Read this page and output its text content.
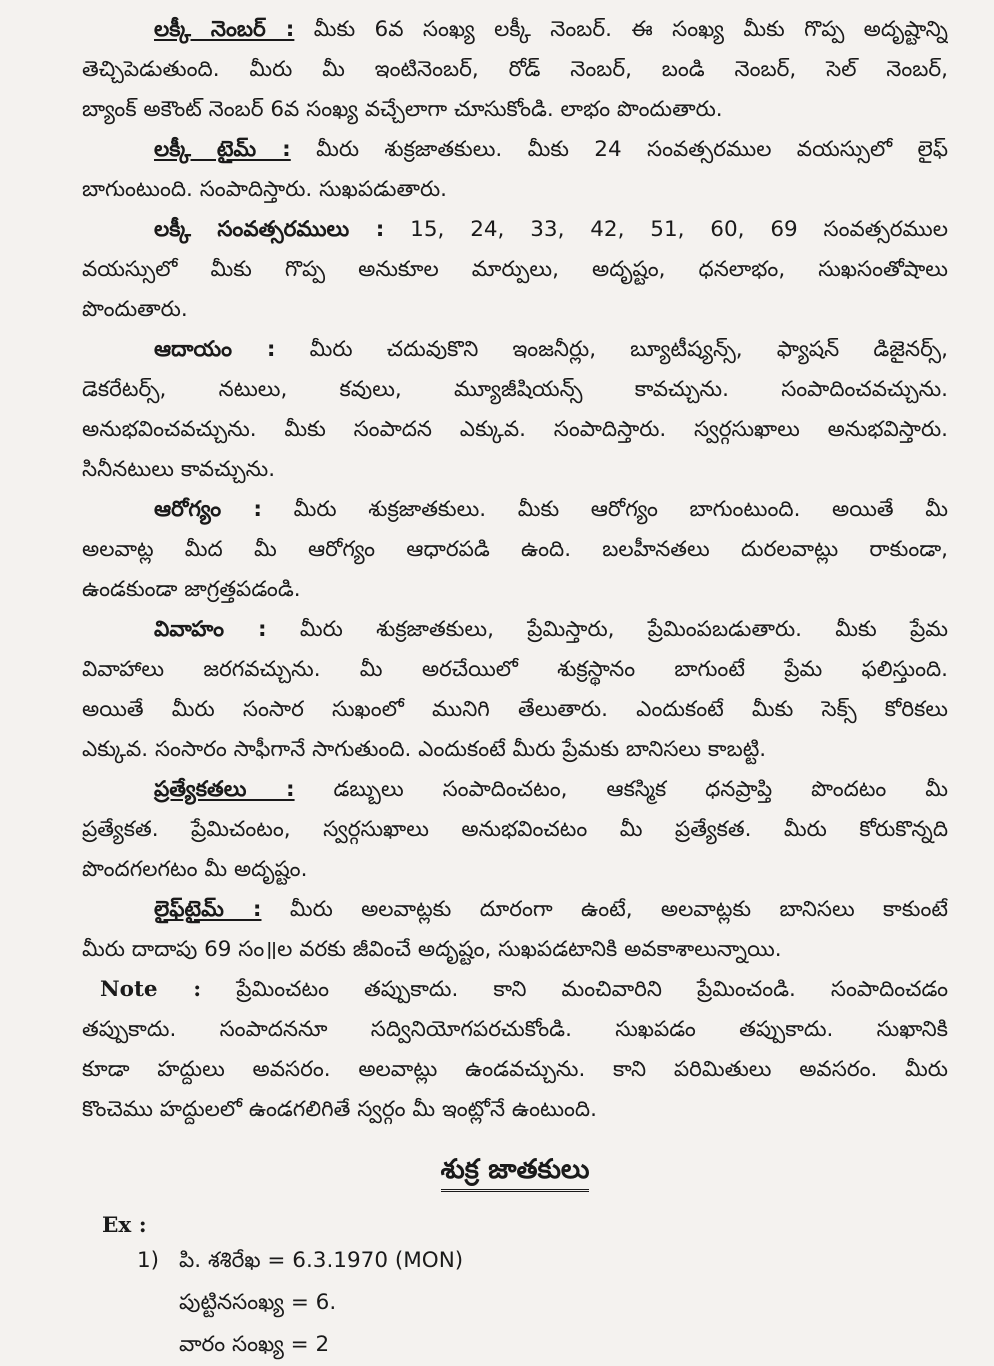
లక్కీ నెంబర్ : మీకు 6వ సంఖ్య లక్కీ నెంబర్. ఈ సంఖ్య మీకు గొప్ప అదృష్టాన్ని
తెచ్చిపెడుతుంది. మీరు మీ ఇంటినెంబర్, రోడ్ నెంబర్, బండి నెంబర్, సెల్ నెంబర్,
బ్యాంక్ అకౌంట్ నెంబర్ 6వ సంఖ్య వచ్చేలాగా చూసుకోండి. లాభం పొందుతారు.
లక్కీ టైమ్ : మీరు శుక్రజాతకులు. మీకు 24 సంవత్సరముల వయస్సులో లైఫ్
బాగుంటుంది. సంపాదిస్తారు. సుఖపడుతారు.
లక్కీ సంవత్సరములు : 15, 24, 33, 42, 51, 60, 69 సంవత్సరముల
వయస్సులో మీకు గొప్ప అనుకూల మార్పులు, అదృష్టం, ధనలాభం, సుఖసంతోషాలు
పొందుతారు.
ఆదాయం : మీరు చదువుకొని ఇంజనీర్లు, బ్యూటీష్యన్స్, ఫ్యాషన్ డిజైనర్స్,
డెకరేటర్స్, నటులు, కవులు, మ్యూజీషియన్స్ కావచ్చును. సంపాదించవచ్చును.
అనుభవించవచ్చును. మీకు సంపాదన ఎక్కువ. సంపాదిస్తారు. స్వర్గసుఖాలు అనుభవిస్తారు.
సినీనటులు కావచ్చును.
ఆరోగ్యం : మీరు శుక్రజాతకులు. మీకు ఆరోగ్యం బాగుంటుంది. అయితే మీ
అలవాట్ల మీద మీ ఆరోగ్యం ఆధారపడి ఉంది. బలహీనతలు దురలవాట్లు రాకుండా,
ఉండకుండా జాగ్రత్తపడండి.
వివాహం : మీరు శుక్రజాతకులు, ప్రేమిస్తారు, ప్రేమింపబడుతారు. మీకు ప్రేమ
వివాహాలు జరగవచ్చును. మీ అరచేయిలో శుక్రస్థానం బాగుంటే ప్రేమ ఫలిస్తుంది.
అయితే మీరు సంసార సుఖంలో మునిగి తేలుతారు. ఎందుకంటే మీకు సెక్స్ కోరికలు
ఎక్కువ. సంసారం సాఫీగానే సాగుతుంది. ఎందుకంటే మీరు ప్రేమకు బానిసలు కాబట్టి.
ప్రత్యేకతలు : డబ్బులు సంపాదించటం, ఆకస్మిక ధనప్రాప్తి పొందటం మీ
ప్రత్యేకత. ప్రేమిచంటం, స్వర్గసుఖాలు అనుభవించటం మీ ప్రత్యేకత. మీరు కోరుకొన్నది
పొందగలగటం మీ అదృష్టం.
లైఫ్‌టైమ్ : మీరు అలవాట్లకు దూరంగా ఉంటే, అలవాట్లకు బానిసలు కాకుంటే
మీరు దాదాపు 69 సం॥ల వరకు జీవించే అదృష్టం, సుఖపడటానికి అవకాశాలున్నాయి.
Note : ప్రేమించటం తప్పుకాదు. కాని మంచివారిని ప్రేమించండి. సంపాదించడం
తప్పుకాదు. సంపాదననూ సద్వినియోగపరచుకోండి. సుఖపడం తప్పుకాదు. సుఖానికి
కూడా హద్దులు అవసరం. అలవాట్లు ఉండవచ్చును. కాని పరిమితులు అవసరం. మీరు
కొంచెము హద్దులలో ఉండగలిగితే స్వర్గం మీ ఇంట్లోనే ఉంటుంది.
శుక్ర జాతకులు
Ex :
1) పి. శశిరేఖ = 6.3.1970 (MON)
పుట్టినసంఖ్య = 6.
వారం సంఖ్య = 2
